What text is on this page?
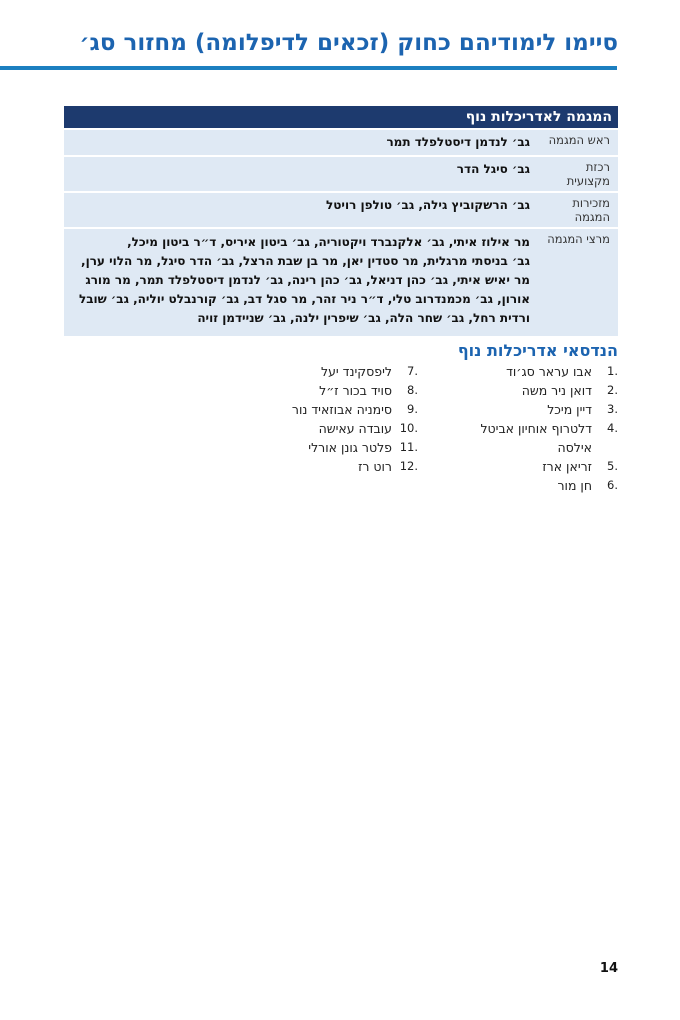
סיימו לימודיהם כחוק (זכאים לדיפלומה) מחזור סג׳
המגמה לאדריכלות נוף	
ראש המגמה	גב׳ לנדמן דיסטלפלד תמר
רכזת מקצועית	גב׳ סיגל הדר
מזכירות המגמה	גב׳ הרשקוביץ גילה, גב׳ טולפן רויטל
מרצי המגמה	מר אילוז איתי, גב׳ אלקנברד ויקטוריה, גב׳ ביטון איריס, ד״ר ביטון מיכל,
גב׳ בניסתי מרגלית, מר סטדין יאן, מר בן שבת הרצל, גב׳ הדר סיגל, מר הלוי ערן,
מר יאיש איתי, גב׳ כהן דניאל, גב׳ כהן רינה, גב׳ לנדמן דיסטלפלד תמר, מר מורג
אורון, גב׳ מכמנדרוב טלי, ד״ר ניר זהר, מר סגל דב, גב׳ קורנבלט יוליה, גב׳ שובל
ורדית רחל, גב׳ שחר הלה, גב׳ שיפרין ילנה, גב׳ שניידמן זויה
הנדסאי אדריכלות נוף
1.
אבו עראר סג׳וד
2.
דואן ניר משה
3.
דיין מיכל
4.
דלטרוף אוחיון אביטל אילסה
5.
זריאן ארז
6.
חן מור
7.
ליפסקינד יעל
8.
סויד בכור ז״ל
9.
סימניה אבוזאיד נור
10.
עובדה עאישה
11.
פלטר גונן אורלי
12.
רוט רז
14
